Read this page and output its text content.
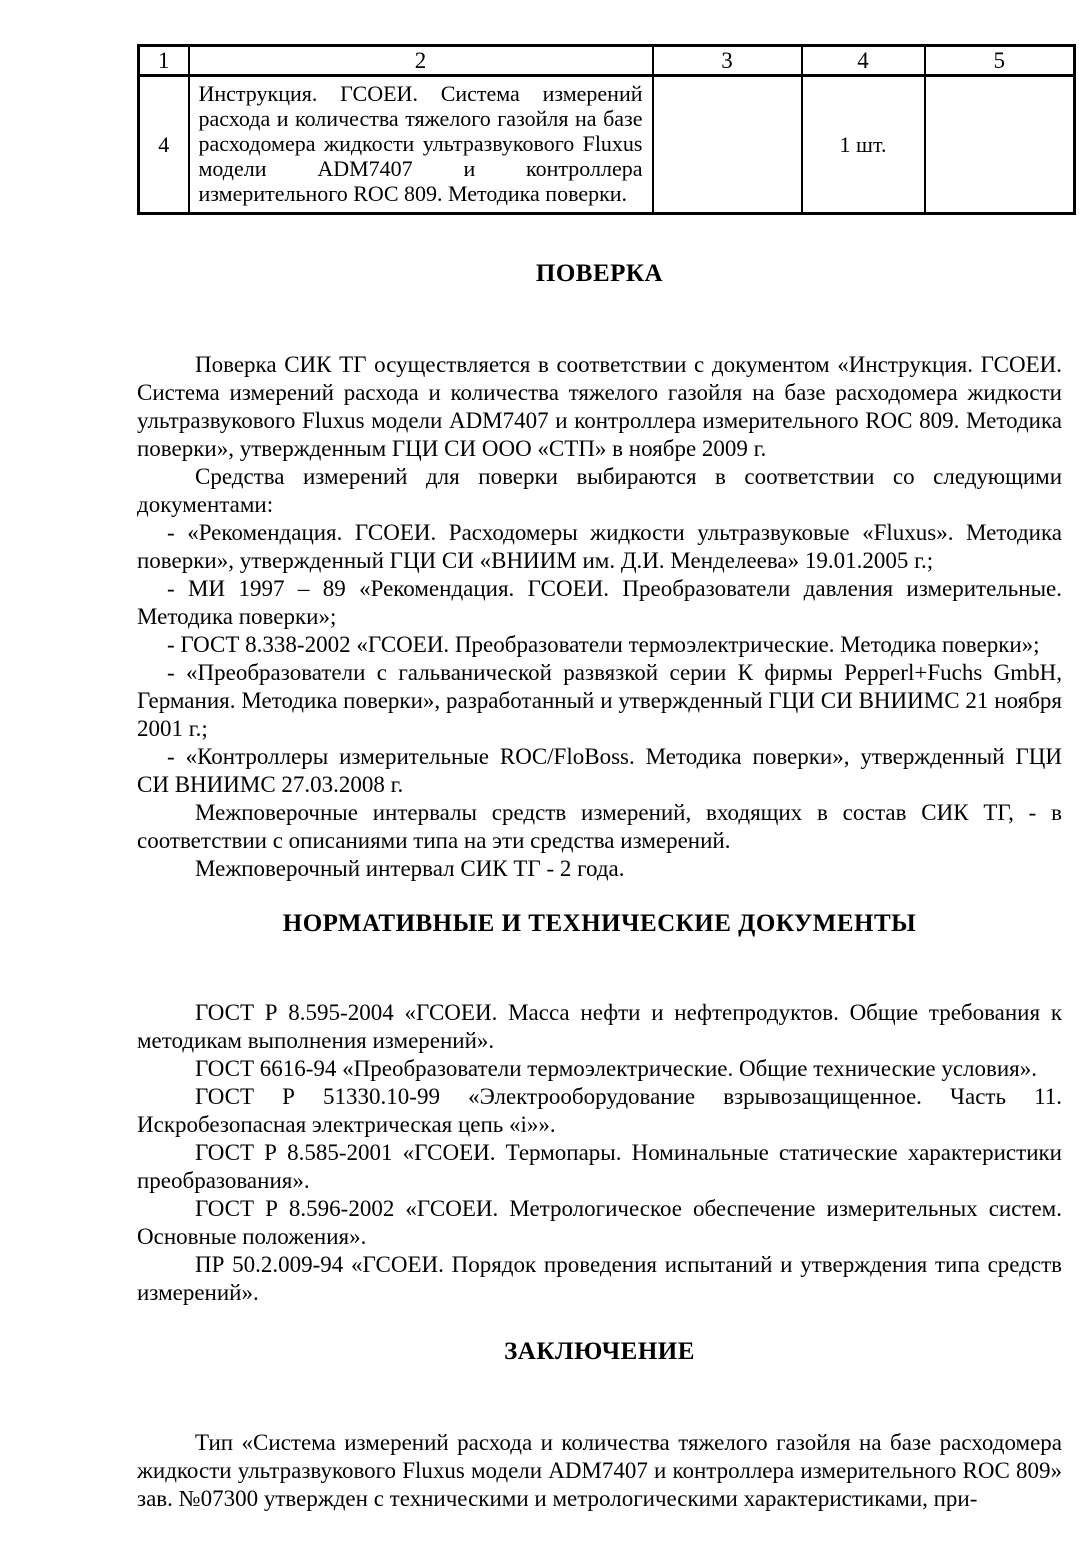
1	2	3	4	5
4	Инструкция. ГСОЕИ. Система измерений расхода и количества тяжелого газойля на базе расходомера жидкости ультразвукового Fluxus модели ADM7407 и контроллера измерительного ROC 809. Методика поверки.		1 шт.	
ПОВЕРКА

Поверка СИК ТГ осуществляется в соответствии с документом «Инструкция. ГСОЕИ. Система измерений расхода и количества тяжелого газойля на базе расходомера жидкости ультразвукового Fluxus модели ADM7407 и контроллера измерительного ROC 809. Методика поверки», утвержденным ГЦИ СИ ООО «СТП» в ноябре 2009 г.

Средства измерений для поверки выбираются в соответствии со следующими документами:

- «Рекомендация. ГСОЕИ. Расходомеры жидкости ультразвуковые «Fluxus». Методика поверки», утвержденный ГЦИ СИ «ВНИИМ им. Д.И. Менделеева» 19.01.2005 г.;

- МИ 1997 – 89 «Рекомендация. ГСОЕИ. Преобразователи давления измерительные. Методика поверки»;

- ГОСТ 8.338-2002 «ГСОЕИ. Преобразователи термоэлектрические. Методика поверки»;

- «Преобразователи с гальванической развязкой серии К фирмы Pepperl+Fuchs GmbH, Германия. Методика поверки», разработанный и утвержденный ГЦИ СИ ВНИИМС 21 ноября 2001 г.;

- «Контроллеры измерительные ROC/FloBoss. Методика поверки», утвержденный ГЦИ СИ ВНИИМС 27.03.2008 г.

Межповерочные интервалы средств измерений, входящих в состав СИК ТГ, - в соответствии с описаниями типа на эти средства измерений.

Межповерочный интервал СИК ТГ - 2 года.

НОРМАТИВНЫЕ И ТЕХНИЧЕСКИЕ ДОКУМЕНТЫ

ГОСТ Р 8.595-2004 «ГСОЕИ. Масса нефти и нефтепродуктов. Общие требования к методикам выполнения измерений».

ГОСТ 6616-94 «Преобразователи термоэлектрические. Общие технические условия».

ГОСТ Р 51330.10-99 «Электрооборудование взрывозащищенное. Часть 11. Искробезопасная электрическая цепь «i»».

ГОСТ Р 8.585-2001 «ГСОЕИ. Термопары. Номинальные статические характеристики преобразования».

ГОСТ Р 8.596-2002 «ГСОЕИ. Метрологическое обеспечение измерительных систем. Основные положения».

ПР 50.2.009-94 «ГСОЕИ. Порядок проведения испытаний и утверждения типа средств измерений».

ЗАКЛЮЧЕНИЕ

Тип «Система измерений расхода и количества тяжелого газойля на базе расходомера жидкости ультразвукового Fluxus модели ADM7407 и контроллера измерительного ROC 809» зав. №07300 утвержден с техническими и метрологическими характеристиками, при-
